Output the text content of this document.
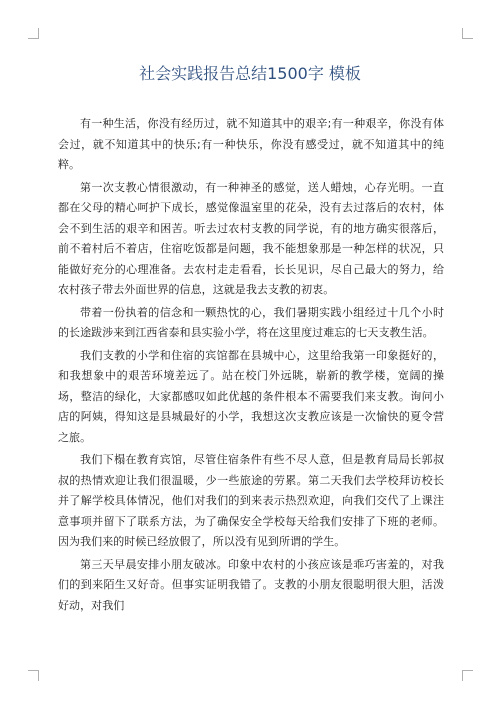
社会实践报告总结1500字 模板

有一种生活，你没有经历过，就不知道其中的艰辛;有一种艰辛，你没有体会过，就不知道其中的快乐;有一种快乐，你没有感受过，就不知道其中的纯粹。

第一次支教心情很激动，有一种神圣的感觉，送人蜡烛，心存光明。一直都在父母的精心呵护下成长，感觉像温室里的花朵，没有去过落后的农村，体会不到生活的艰辛和困苦。听去过农村支教的同学说，有的地方确实很落后，前不着村后不着店，住宿吃饭都是问题，我不能想象那是一种怎样的状况，只能做好充分的心理准备。去农村走走看看，长长见识，尽自己最大的努力，给农村孩子带去外面世界的信息，这就是我去支教的初衷。

带着一份执着的信念和一颗热忱的心，我们暑期实践小组经过十几个小时的长途跋涉来到江西省泰和县实验小学，将在这里度过难忘的七天支教生活。

我们支教的小学和住宿的宾馆都在县城中心，这里给我第一印象挺好的，和我想象中的艰苦环境差远了。站在校门外远眺，崭新的教学楼，宽阔的操场，整洁的绿化，大家都感叹如此优越的条件根本不需要我们来支教。询问小店的阿姨，得知这是县城最好的小学，我想这次支教应该是一次愉快的夏令营之旅。

我们下榻在教育宾馆，尽管住宿条件有些不尽人意，但是教育局局长郭叔叔的热情欢迎让我们很温暖，少一些旅途的劳累。第二天我们去学校拜访校长并了解学校具体情况，他们对我们的到来表示热烈欢迎，向我们交代了上课注意事项并留下了联系方法，为了确保安全学校每天给我们安排了下班的老师。因为我们来的时候已经放假了，所以没有见到所谓的学生。

第三天早晨安排小朋友破冰。印象中农村的小孩应该是乖巧害羞的，对我们的到来陌生又好奇。但事实证明我错了。支教的小朋友很聪明很大胆，活泼好动，对我们
